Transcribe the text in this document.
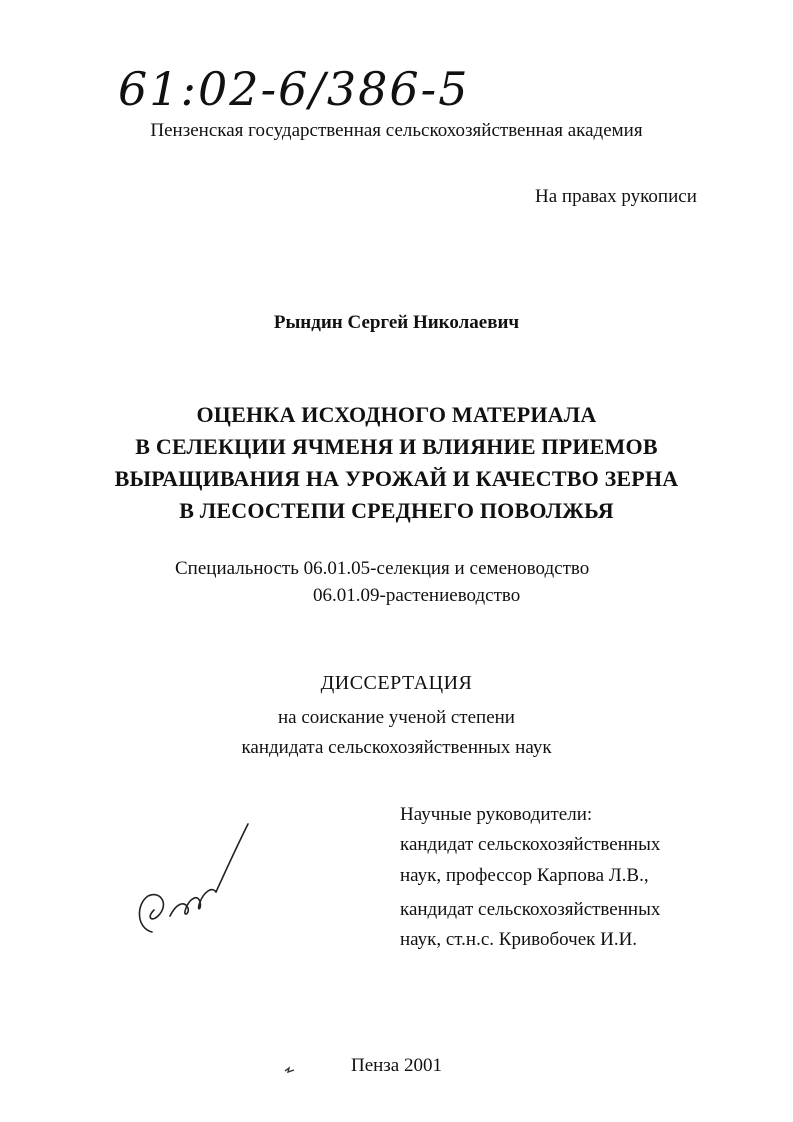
61:02-6/386-5
Пензенская государственная сельскохозяйственная академия
На правах рукописи
Рындин Сергей Николаевич
ОЦЕНКА ИСХОДНОГО МАТЕРИАЛА
В СЕЛЕКЦИИ ЯЧМЕНЯ И ВЛИЯНИЕ ПРИЕМОВ
ВЫРАЩИВАНИЯ НА УРОЖАЙ И КАЧЕСТВО ЗЕРНА
В ЛЕСОСТЕПИ СРЕДНЕГО ПОВОЛЖЬЯ
Специальность 06.01.05-селекция и семеноводство
06.01.09-растениеводство
ДИССЕРТАЦИЯ
на соискание ученой степени
кандидата сельскохозяйственных наук
Научные руководители:
кандидат сельскохозяйственных
наук, профессор Карпова Л.В.,
кандидат сельскохозяйственных
наук, ст.н.с. Кривобочек И.И.
Пенза 2001
